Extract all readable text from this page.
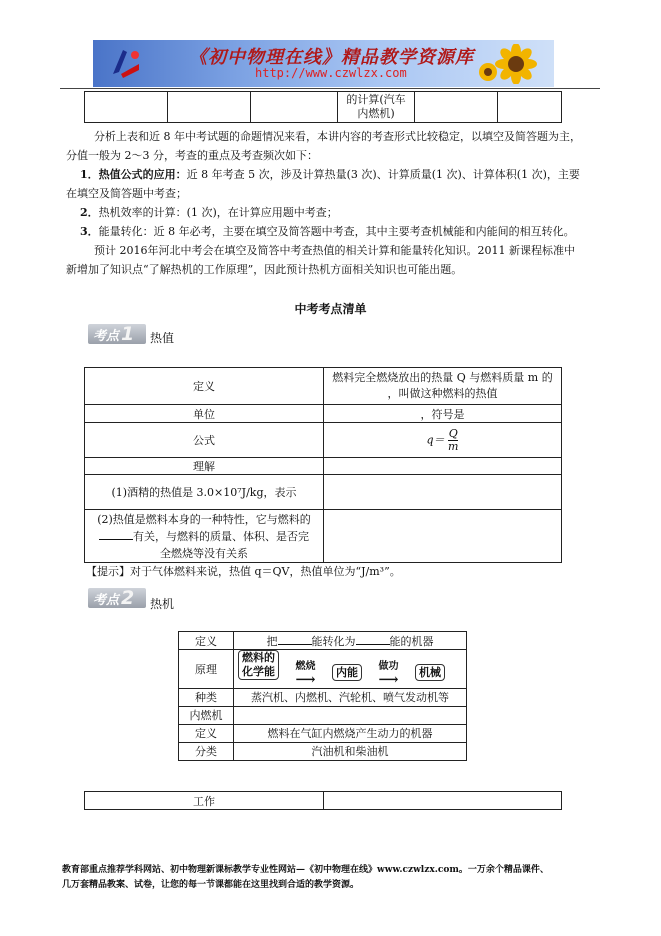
《初中物理在线》精品教学资源库
http://www.czwlzx.com
			的计算(汽车
内燃机)		

分析上表和近 8 年中考试题的命题情况来看，本讲内容的考查形式比较稳定，以填空及简答题为主，分值一般为 2～3 分，考查的重点及考查频次如下：

1．热值公式的应用：近 8 年考查 5 次，涉及计算热量(3 次)、计算质量(1 次)、计算体积(1 次)，主要在填空及简答题中考查；

2．热机效率的计算：(1 次)，在计算应用题中考查；

3．能量转化：近 8 年必考，主要在填空及简答题中考查，其中主要考查机械能和内能间的相互转化。

预计 2016年河北中考会在填空及简答中考查热值的相关计算和能量转化知识。2011 新课程标准中新增加了知识点“了解热机的工作原理”，因此预计热机方面相关知识也可能出题。

中考考点清单
考点 1	热值
定义	燃料完全燃烧放出的热量 Q 与燃料质量 m 的
，叫做这种燃料的热值
单位	，符号是
公式	$q= \frac{Q}{m}$

理解	
(1)酒精的热值是 3.0×10⁷J/kg，表示	
(2)热值是燃料本身的一种特性，它与燃料的
有关，与燃料的质量、体积、是否完
全燃烧等没有关系	
【提示】对于气体燃料来说，热值 q＝QV，热值单位为“J/m³”。
考点 2	热机
定义	把 能转化为 能的机器
原理	燃料的
化学能 燃烧
⟶ 内能 做功
⟶ 机械
种类	蒸汽机、内燃机、汽轮机、喷气发动机等
内燃机	
定义	燃料在气缸内燃烧产生动力的机器
分类	汽油机和柴油机
工作	
教育部重点推荐学科网站、初中物理新课标教学专业性网站—《初中物理在线》www.czwlzx.com。一万余个精品课件、
几万套精品教案、试卷，让您的每一节课都能在这里找到合适的教学资源。
